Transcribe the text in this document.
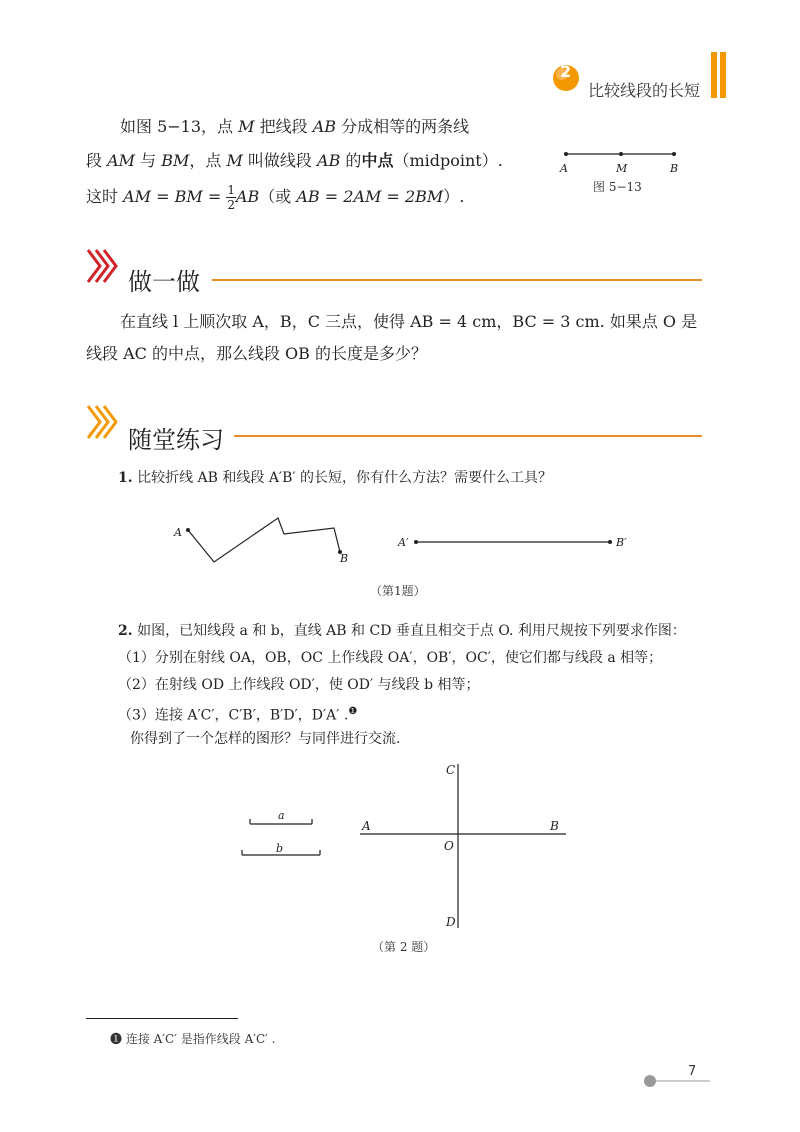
2
比较线段的长短
如图 5−13，点 M 把线段 AB 分成相等的两条线
段 AM 与 BM，点 M 叫做线段 AB 的中点（midpoint）.
这时 AM = BM = $\frac{1}{2} AB$（或 AB = 2AM = 2BM）.
A	M	B
图 5−13
做一做
在直线 l 上顺次取 A，B，C 三点，使得 AB = 4 cm，BC = 3 cm. 如果点 O 是
线段 AC 的中点，那么线段 OB 的长度是多少？
随堂练习
1. 比较折线 AB 和线段 A′B′ 的长短，你有什么方法？需要什么工具？
A
B
A′	B′
（第1题）
2. 如图，已知线段 a 和 b，直线 AB 和 CD 垂直且相交于点 O. 利用尺规按下列要求作图：
（1）分别在射线 OA，OB，OC 上作线段 OA′，OB′，OC′，使它们都与线段 a 相等；
（2）在射线 OD 上作线段 OD′，使 OD′ 与线段 b 相等；
（3）连接 A′C′，C′B′，B′D′，D′A′ .$^❶$
你得到了一个怎样的图形？与同伴进行交流.
a
b
C
A	B
O
D
（第 2 题）
❶ 连接 A′C′ 是指作线段 A′C′ .
7
